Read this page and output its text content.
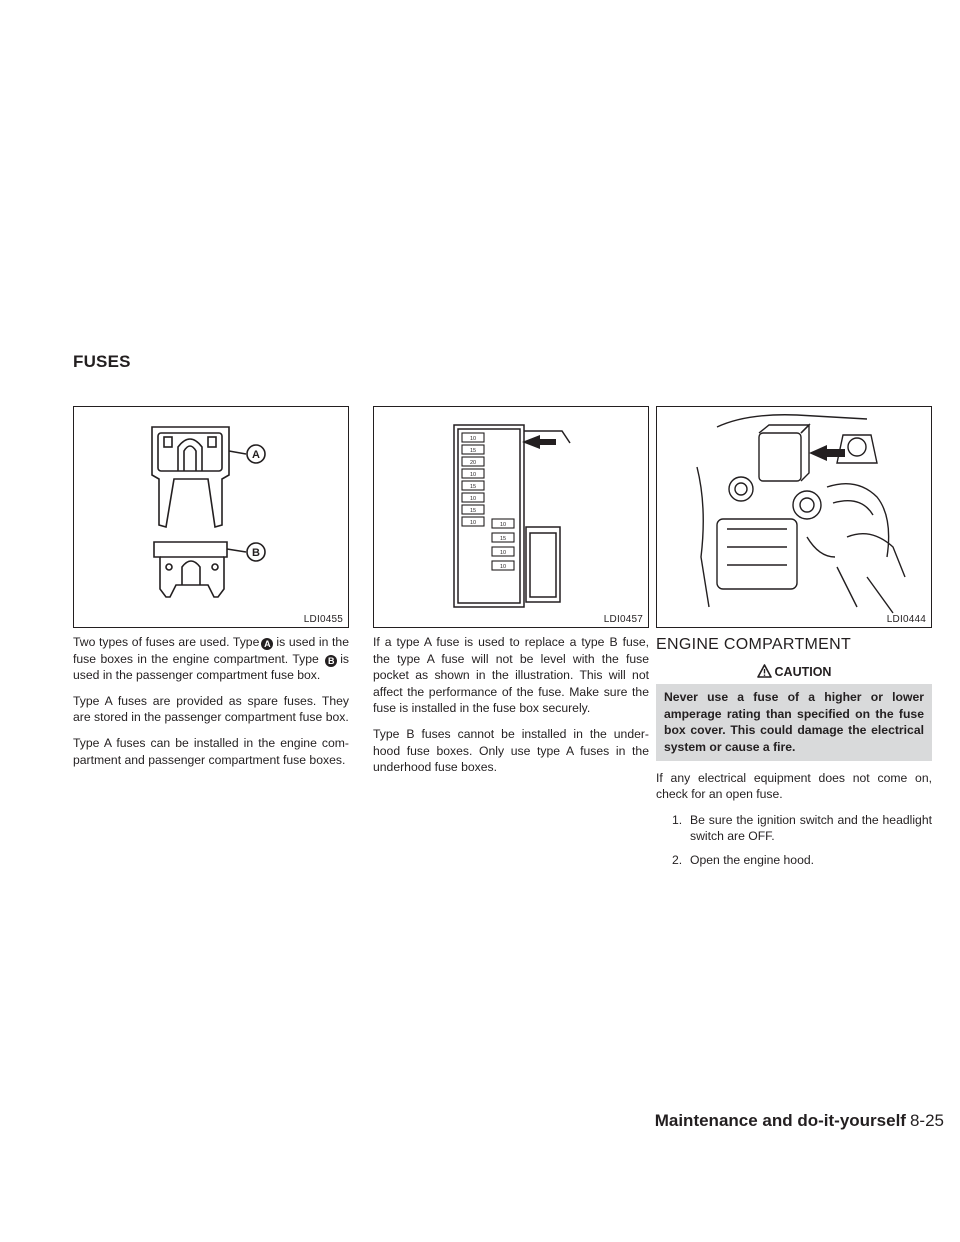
FUSES
A
B
LDI0455
10
15
20
10
15
10
15
10	10
15
10
10
LDI0457	LDI0444

Two types of fuses are used. Type A is used in the fuse boxes in the engine compartment. Type B is used in the passenger compartment fuse box.

Type A fuses are provided as spare fuses. They are stored in the passenger compartment fuse box.

Type A fuses can be installed in the engine com- partment and passenger compartment fuse boxes.

If a type A fuse is used to replace a type B fuse, the type A fuse will not be level with the fuse pocket as shown in the illustration. This will not affect the performance of the fuse. Make sure the fuse is installed in the fuse box securely.

Type B fuses cannot be installed in the under- hood fuse boxes. Only use type A fuses in the underhood fuse boxes.

ENGINE COMPARTMENT
CAUTION
Never use a fuse of a higher or lower amperage rating than specified on the fuse box cover. This could damage the electrical system or cause a fire.

If any electrical equipment does not come on, check for an open fuse.

1. Be sure the ignition switch and the headlight switch are OFF.
2. Open the engine hood.
Maintenance and do-it-yourself 8-25
